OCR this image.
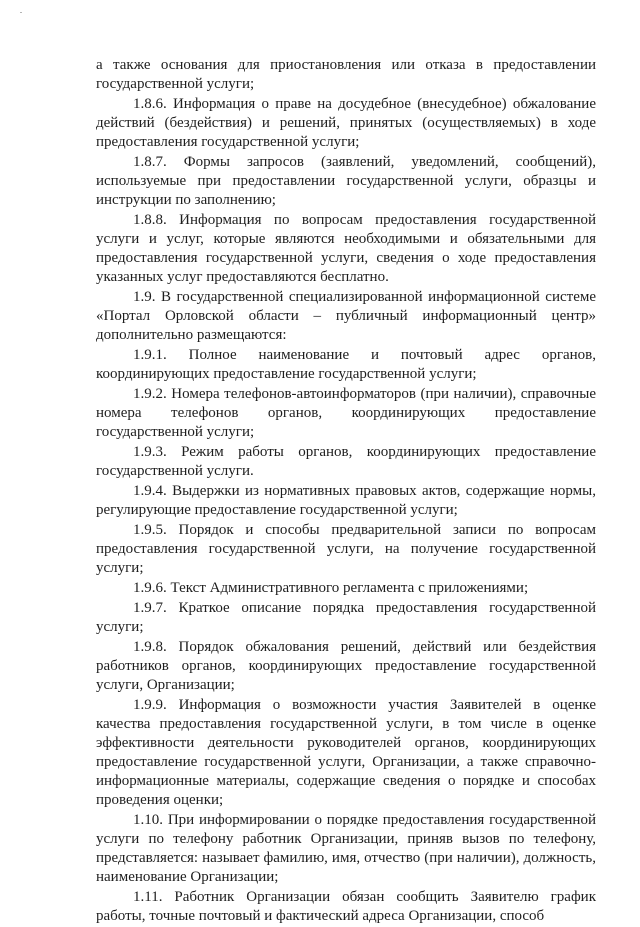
а также основания для приостановления или отказа в предоставлении государственной услуги;

1.8.6. Информация о праве на досудебное (внесудебное) обжалование действий (бездействия) и решений, принятых (осуществляемых) в ходе предоставления государственной услуги;

1.8.7. Формы запросов (заявлений, уведомлений, сообщений), используемые при предоставлении государственной услуги, образцы и инструкции по заполнению;

1.8.8. Информация по вопросам предоставления государственной услуги и услуг, которые являются необходимыми и обязательными для предоставления государственной услуги, сведения о ходе предоставления указанных услуг предоставляются бесплатно.

1.9. В государственной специализированной информационной системе «Портал Орловской области – публичный информационный центр» дополнительно размещаются:

1.9.1. Полное наименование и почтовый адрес органов, координирующих предоставление государственной услуги;

1.9.2. Номера телефонов-автоинформаторов (при наличии), справочные номера телефонов органов, координирующих предоставление государственной услуги;

1.9.3. Режим работы органов, координирующих предоставление государственной услуги.

1.9.4. Выдержки из нормативных правовых актов, содержащие нормы, регулирующие предоставление государственной услуги;

1.9.5. Порядок и способы предварительной записи по вопросам предоставления государственной услуги, на получение государственной услуги;

1.9.6. Текст Административного регламента с приложениями;

1.9.7. Краткое описание порядка предоставления государственной услуги;

1.9.8. Порядок обжалования решений, действий или бездействия работников органов, координирующих предоставление государственной услуги, Организации;

1.9.9. Информация о возможности участия Заявителей в оценке качества предоставления государственной услуги, в том числе в оценке эффективности деятельности руководителей органов, координирующих предоставление государственной услуги, Организации, а также справочно-информационные материалы, содержащие сведения о порядке и способах проведения оценки;

1.10. При информировании о порядке предоставления государственной услуги по телефону работник Организации, приняв вызов по телефону, представляется: называет фамилию, имя, отчество (при наличии), должность, наименование Организации;

1.11. Работник Организации обязан сообщить Заявителю график работы, точные почтовый и фактический адреса Организации, способ
